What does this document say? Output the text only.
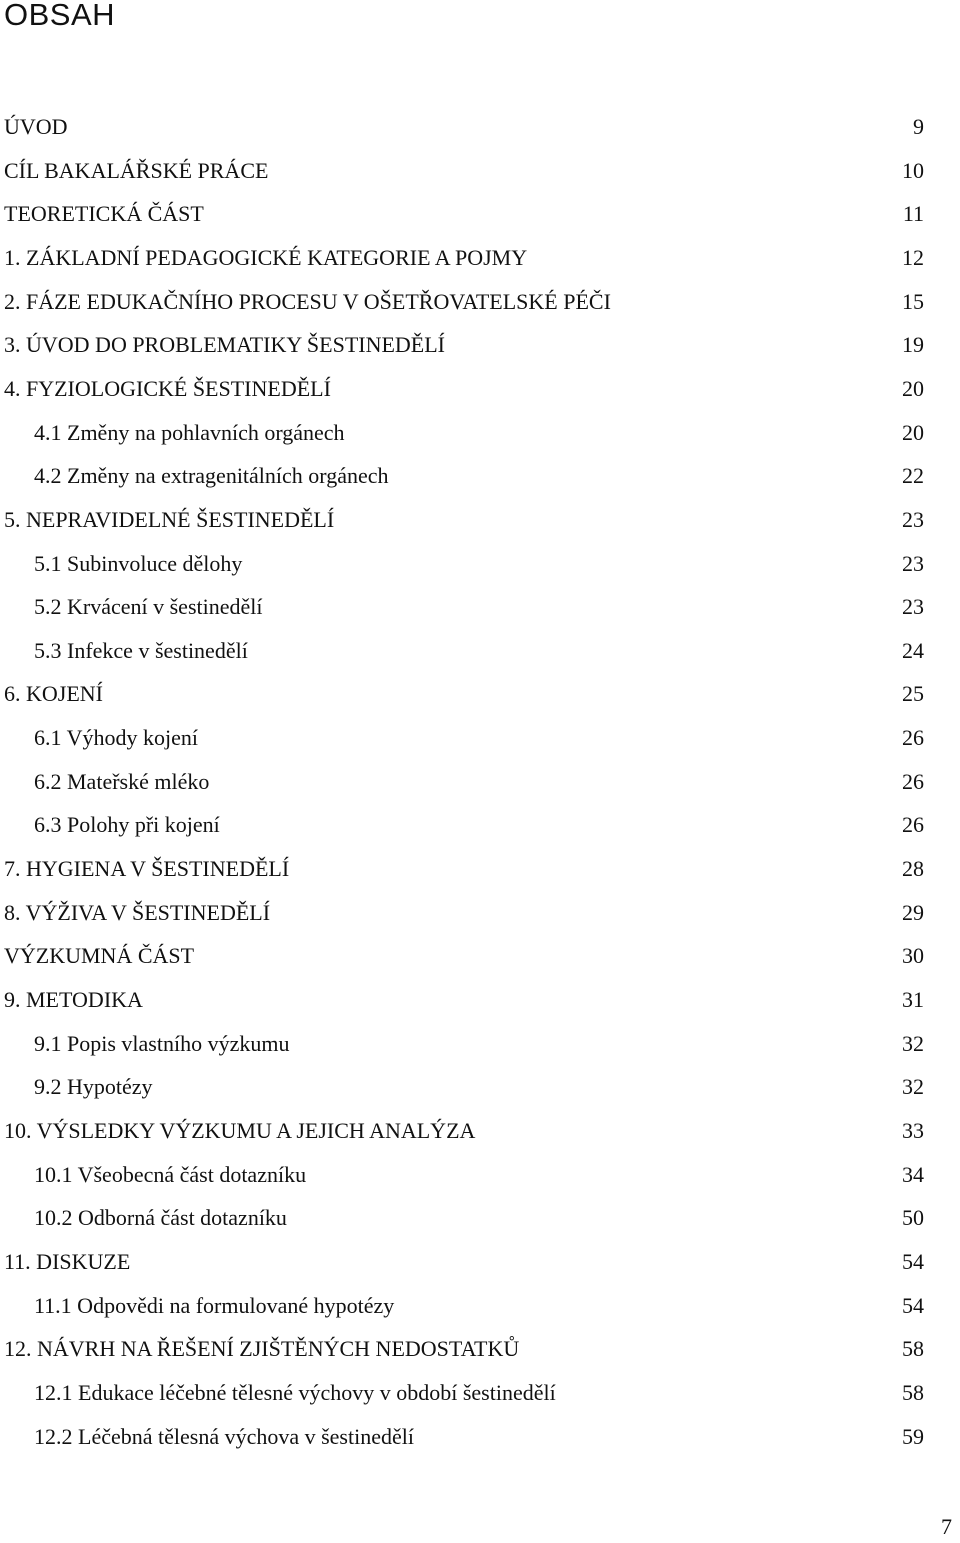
OBSAH
ÚVOD	9
CÍL BAKALÁŘSKÉ PRÁCE	10
TEORETICKÁ ČÁST	11
1. ZÁKLADNÍ PEDAGOGICKÉ KATEGORIE A POJMY	12
2. FÁZE EDUKAČNÍHO PROCESU V OŠETŘOVATELSKÉ PÉČI	15
3. ÚVOD DO PROBLEMATIKY ŠESTINEDĚLÍ	19
4. FYZIOLOGICKÉ ŠESTINEDĚLÍ	20
4.1 Změny na pohlavních orgánech	20
4.2 Změny na extragenitálních orgánech	22
5. NEPRAVIDELNÉ ŠESTINEDĚLÍ	23
5.1 Subinvoluce dělohy	23
5.2 Krvácení v šestinedělí	23
5.3 Infekce v šestinedělí	24
6. KOJENÍ	25
6.1 Výhody kojení	26
6.2 Mateřské mléko	26
6.3 Polohy při kojení	26
7. HYGIENA V ŠESTINEDĚLÍ	28
8. VÝŽIVA V ŠESTINEDĚLÍ	29
VÝZKUMNÁ ČÁST	30
9. METODIKA	31
9.1 Popis vlastního výzkumu	32
9.2 Hypotézy	32
10. VÝSLEDKY VÝZKUMU A JEJICH ANALÝZA	33
10.1 Všeobecná část dotazníku	34
10.2 Odborná část dotazníku	50
11. DISKUZE	54
11.1 Odpovědi na formulované hypotézy	54
12. NÁVRH NA ŘEŠENÍ ZJIŠTĚNÝCH NEDOSTATKŮ	58
12.1 Edukace léčebné tělesné výchovy v období šestinedělí	58
12.2 Léčebná tělesná výchova v šestinedělí	59
7
